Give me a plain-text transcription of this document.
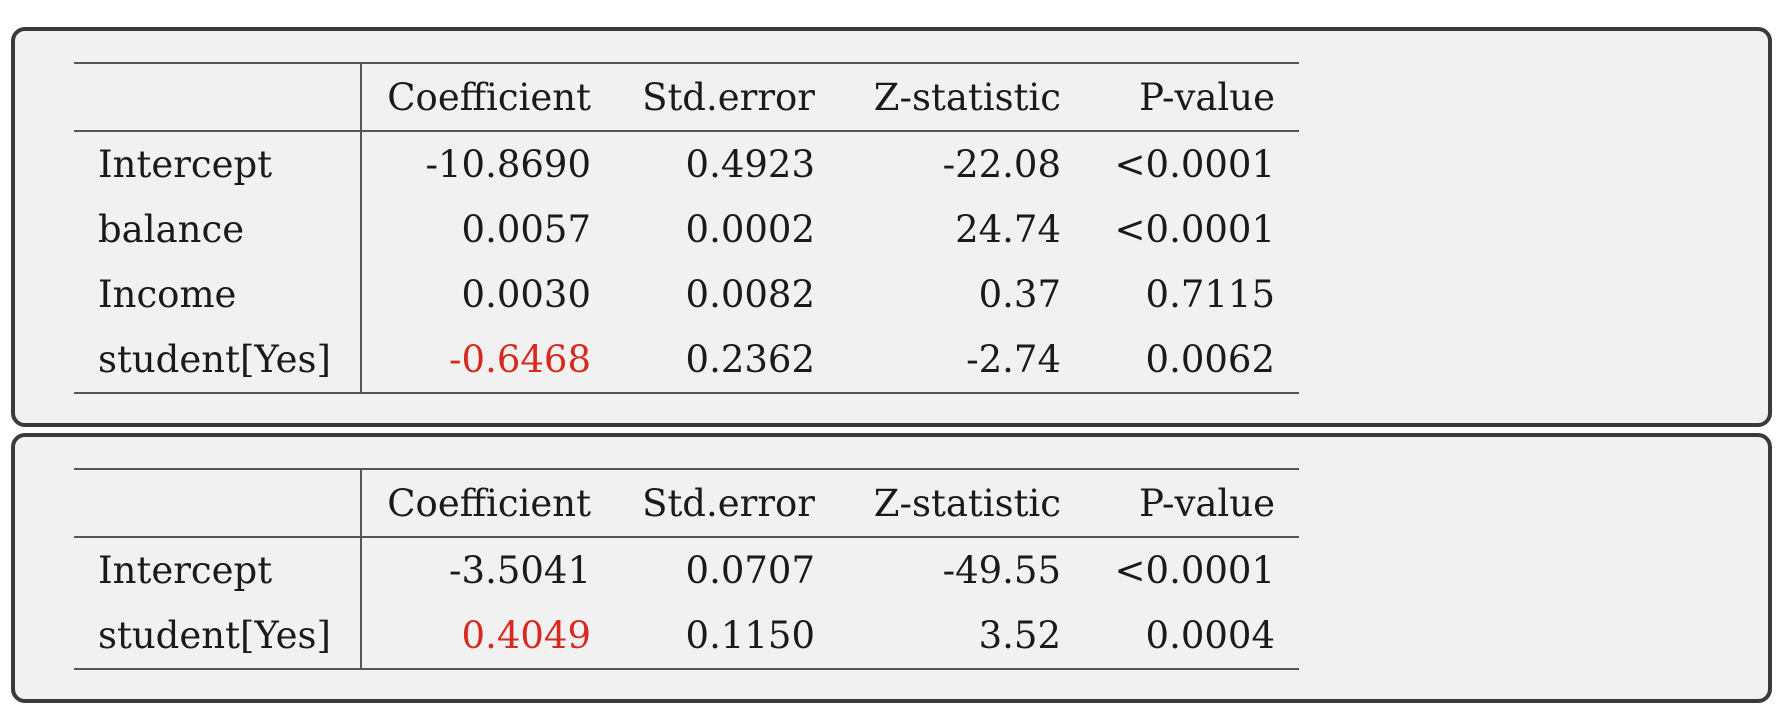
	Coefficient	Std.error	Z-statistic	P-value
Intercept	-10.8690	0.4923	-22.08	<0.0001
balance	0.0057	0.0002	24.74	<0.0001
Income	0.0030	0.0082	0.37	0.7115
student[Yes]	-0.6468	0.2362	-2.74	0.0062
	Coefficient	Std.error	Z-statistic	P-value
Intercept	-3.5041	0.0707	-49.55	<0.0001
student[Yes]	0.4049	0.1150	3.52	0.0004
